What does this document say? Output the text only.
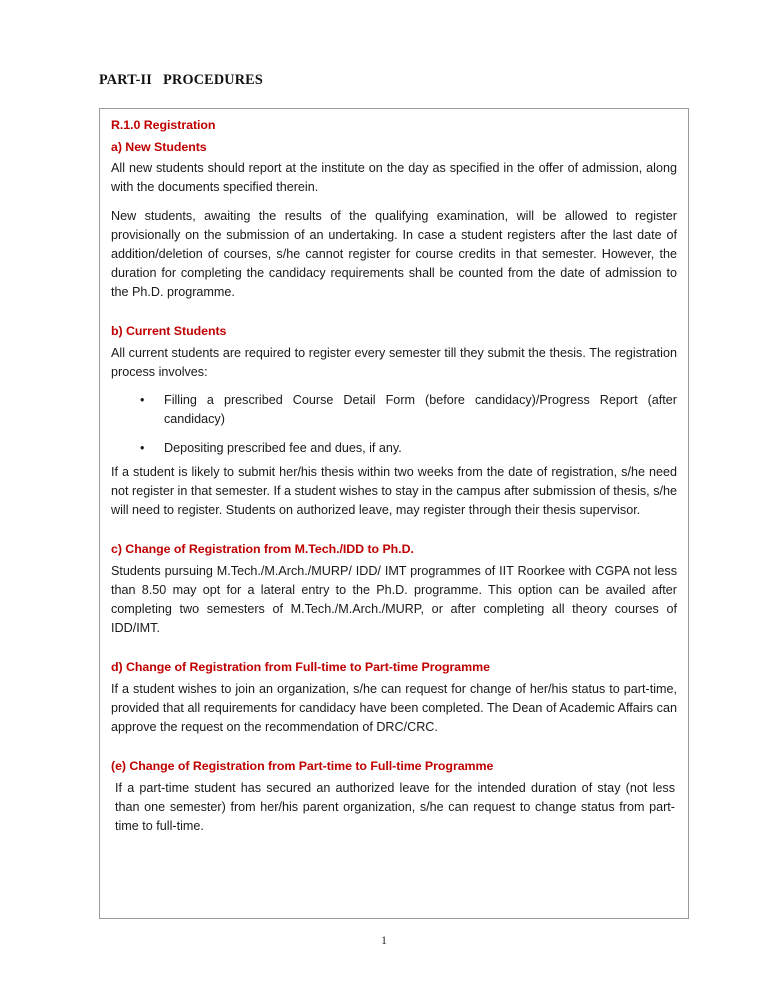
PART-II   PROCEDURES
R.1.0 Registration
a) New Students

All new students should report at the institute on the day as specified in the offer of admission, along with the documents specified therein.

New students, awaiting the results of the qualifying examination, will be allowed to register provisionally on the submission of an undertaking. In case a student registers after the last date of addition/deletion of courses, s/he cannot register for course credits in that semester. However, the duration for completing the candidacy requirements shall be counted from the date of admission to the Ph.D. programme.

b) Current Students

All current students are required to register every semester till they submit the thesis. The registration process involves:

• Filling a prescribed Course Detail Form (before candidacy)/Progress Report (after candidacy)
• Depositing prescribed fee and dues, if any.

If a student is likely to submit her/his thesis within two weeks from the date of registration, s/he need not register in that semester. If a student wishes to stay in the campus after submission of thesis, s/he will need to register. Students on authorized leave, may register through their thesis supervisor.

c) Change of Registration from M.Tech./IDD to Ph.D.

Students pursuing M.Tech./M.Arch./MURP/ IDD/ IMT programmes of IIT Roorkee with CGPA not less than 8.50 may opt for a lateral entry to the Ph.D. programme. This option can be availed after completing two semesters of M.Tech./M.Arch./MURP, or after completing all theory courses of IDD/IMT.

d) Change of Registration from Full-time to Part-time Programme

If a student wishes to join an organization, s/he can request for change of her/his status to part-time, provided that all requirements for candidacy have been completed. The Dean of Academic Affairs can approve the request on the recommendation of DRC/CRC.

(e) Change of Registration from Part-time to Full-time Programme

If a part-time student has secured an authorized leave for the intended duration of stay (not less than one semester) from her/his parent organization, s/he can request to change status from part-time to full-time.

1
